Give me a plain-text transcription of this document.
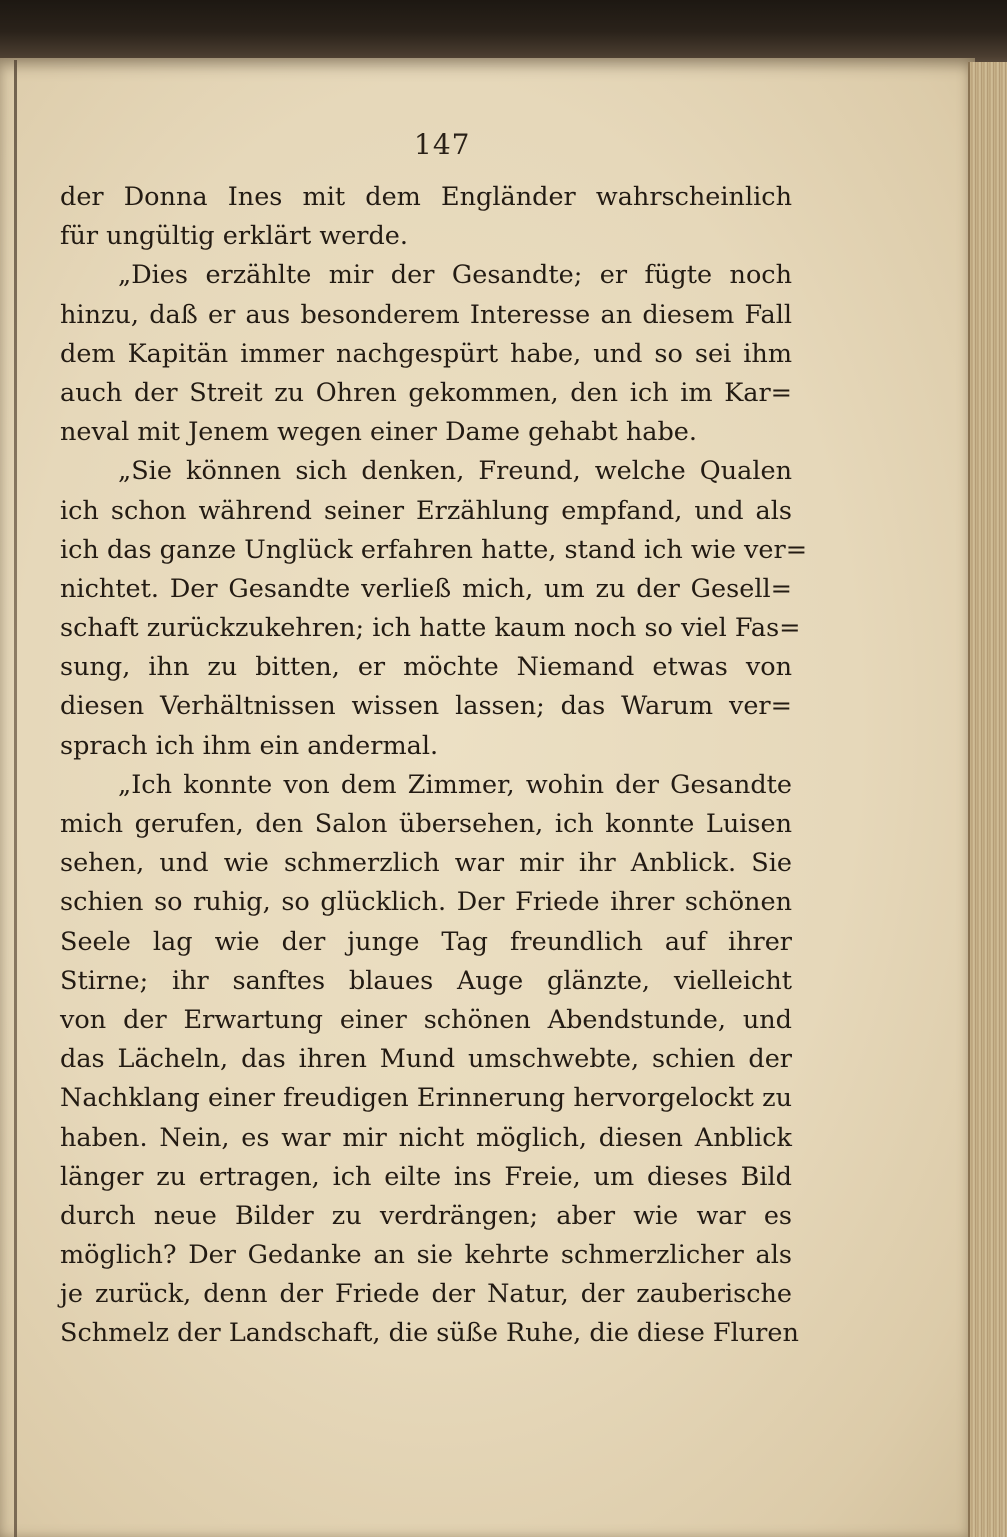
147
der Donna Ines mit dem Engländer wahrscheinlich
für ungültig erklärt werde.
„Dies erzählte mir der Gesandte; er fügte noch
hinzu, daß er aus besonderem Interesse an diesem Fall
dem Kapitän immer nachgespürt habe, und so sei ihm
auch der Streit zu Ohren gekommen, den ich im Kar=
neval mit Jenem wegen einer Dame gehabt habe.
„Sie können sich denken, Freund, welche Qualen
ich schon während seiner Erzählung empfand, und als
ich das ganze Unglück erfahren hatte, stand ich wie ver=
nichtet. Der Gesandte verließ mich, um zu der Gesell=
schaft zurückzukehren; ich hatte kaum noch so viel Fas=
sung, ihn zu bitten, er möchte Niemand etwas von
diesen Verhältnissen wissen lassen; das Warum ver=
sprach ich ihm ein andermal.
„Ich konnte von dem Zimmer, wohin der Gesandte
mich gerufen, den Salon übersehen, ich konnte Luisen
sehen, und wie schmerzlich war mir ihr Anblick. Sie
schien so ruhig, so glücklich. Der Friede ihrer schönen
Seele lag wie der junge Tag freundlich auf ihrer
Stirne; ihr sanftes blaues Auge glänzte, vielleicht
von der Erwartung einer schönen Abendstunde, und
das Lächeln, das ihren Mund umschwebte, schien der
Nachklang einer freudigen Erinnerung hervorgelockt zu
haben. Nein, es war mir nicht möglich, diesen Anblick
länger zu ertragen, ich eilte ins Freie, um dieses Bild
durch neue Bilder zu verdrängen; aber wie war es
möglich? Der Gedanke an sie kehrte schmerzlicher als
je zurück, denn der Friede der Natur, der zauberische
Schmelz der Landschaft, die süße Ruhe, die diese Fluren
